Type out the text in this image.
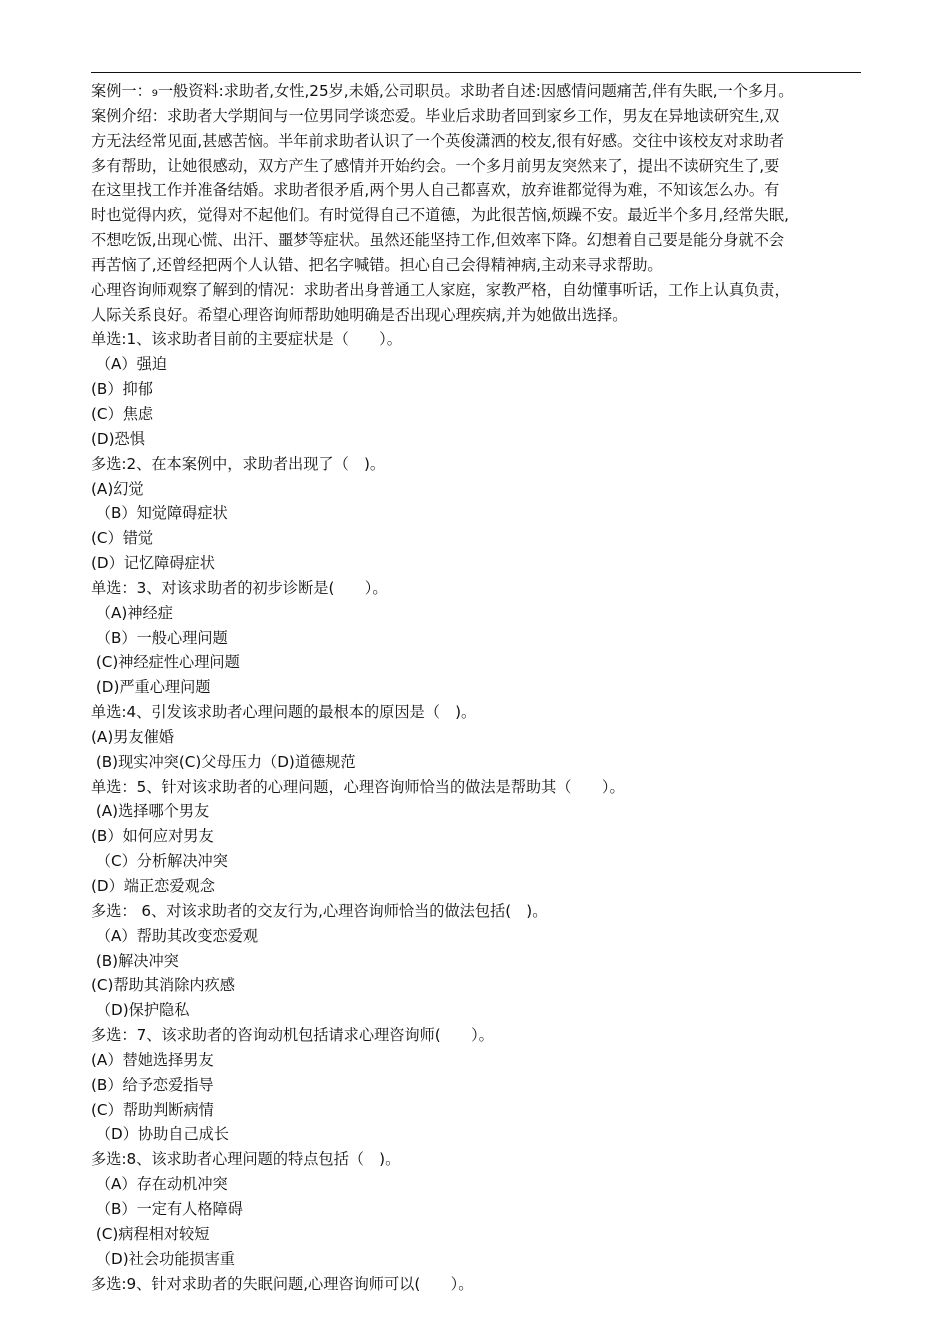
案例一：₉一般资料:求助者,女性,25岁,未婚,公司职员。求助者自述:因感情问题痛苦,伴有失眠,一个多月。
案例介绍：求助者大学期间与一位男同学谈恋爱。毕业后求助者回到家乡工作，男友在异地读研究生,双
方无法经常见面,甚感苦恼。半年前求助者认识了一个英俊潇洒的校友,很有好感。交往中该校友对求助者
多有帮助，让她很感动，双方产生了感情并开始约会。一个多月前男友突然来了，提出不读研究生了,要
在这里找工作并准备结婚。求助者很矛盾,两个男人自己都喜欢，放弃谁都觉得为难，不知该怎么办。有
时也觉得内疚，觉得对不起他们。有时觉得自己不道德，为此很苦恼,烦躁不安。最近半个多月,经常失眠,
不想吃饭,出现心慌、出汗、噩梦等症状。虽然还能坚持工作,但效率下降。幻想着自己要是能分身就不会
再苦恼了,还曾经把两个人认错、把名字喊错。担心自己会得精神病,主动来寻求帮助。
心理咨询师观察了解到的情况：求助者出身普通工人家庭，家教严格，自幼懂事听话，工作上认真负责，
人际关系良好。希望心理咨询师帮助她明确是否出现心理疾病,并为她做出选择。
单选:1、该求助者目前的主要症状是（　　）。
（A）强迫
(B）抑郁
(C）焦虑
(D)恐惧
多选:2、在本案例中，求助者出现了（　)。
(A)幻觉
（B）知觉障碍症状
(C）错觉
(D）记忆障碍症状
单选：3、对该求助者的初步诊断是(　　）。
（A)神经症
（B）一般心理问题
(C)神经症性心理问题
(D)严重心理问题
单选:4、引发该求助者心理问题的最根本的原因是（　)。
(A)男友催婚
(B)现实冲突(C)父母压力（D)道德规范
单选：5、针对该求助者的心理问题，心理咨询师恰当的做法是帮助其（　　）。
(A)选择哪个男友
(B）如何应对男友
（C）分析解决冲突
(D）端正恋爱观念
多选： 6、对该求助者的交友行为,心理咨询师恰当的做法包括(　)。
（A）帮助其改变恋爱观
(B)解决冲突
(C)帮助其消除内疚感
（D)保护隐私
多选：7、该求助者的咨询动机包括请求心理咨询师(　　）。
(A）替她选择男友
(B）给予恋爱指导
(C）帮助判断病情
（D）协助自己成长
多选:8、该求助者心理问题的特点包括（　)。
（A）存在动机冲突
（B）一定有人格障碍
(C)病程相对较短
（D)社会功能损害重
多选:9、针对求助者的失眠问题,心理咨询师可以(　　）。
